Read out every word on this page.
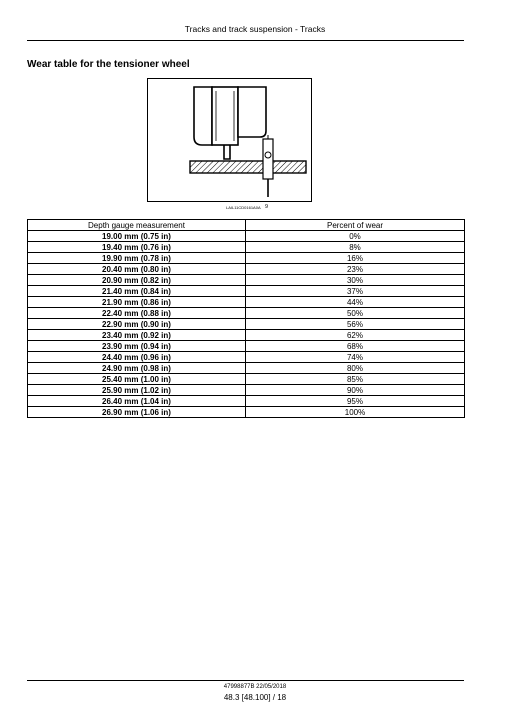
Tracks and track suspension - Tracks
Wear table for the tensioner wheel
LAIL11CD0161A0A 9
Depth gauge measurement	Percent of wear
19.00 mm (0.75 in)	0%
19.40 mm (0.76 in)	8%
19.90 mm (0.78 in)	16%
20.40 mm (0.80 in)	23%
20.90 mm (0.82 in)	30%
21.40 mm (0.84 in)	37%
21.90 mm (0.86 in)	44%
22.40 mm (0.88 in)	50%
22.90 mm (0.90 in)	56%
23.40 mm (0.92 in)	62%
23.90 mm (0.94 in)	68%
24.40 mm (0.96 in)	74%
24.90 mm (0.98 in)	80%
25.40 mm (1.00 in)	85%
25.90 mm (1.02 in)	90%
26.40 mm (1.04 in)	95%
26.90 mm (1.06 in)	100%
47998877B 22/05/2018
48.3 [48.100] / 18
